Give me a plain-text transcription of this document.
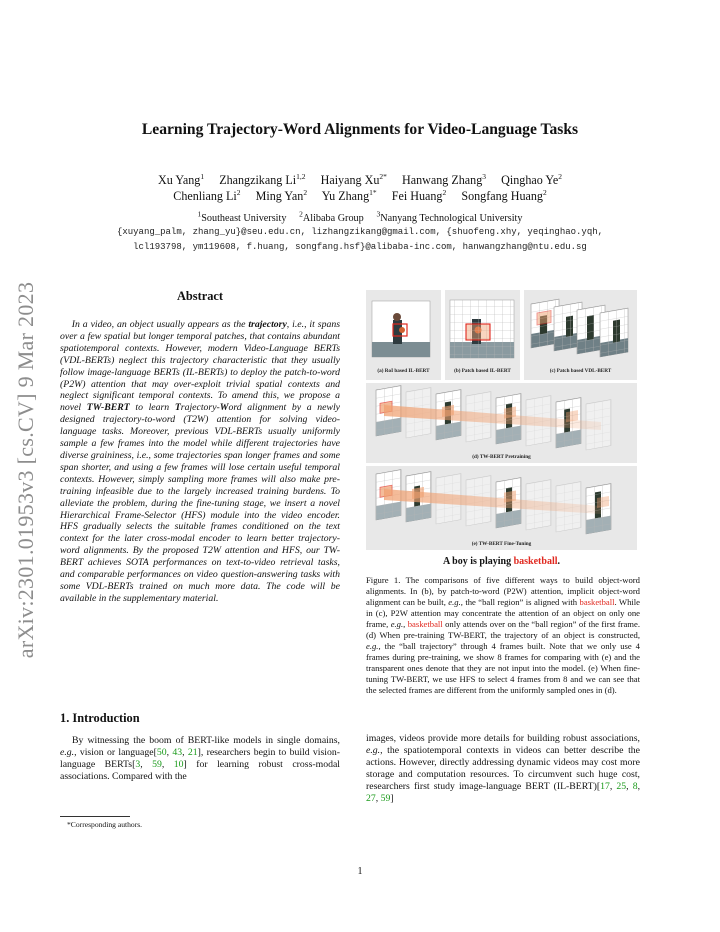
arXiv:2301.01953v3 [cs.CV] 9 Mar 2023
Learning Trajectory-Word Alignments for Video-Language Tasks
Xu Yang$^1$ Zhangzikang Li$^{1,2}$ Haiyang $Xu^{2*}$ Hanwang Zhang$^3$ Qinghao Ye$^2$
Chenliang Li$^2$ Ming Yan$^2$ Yu Zhang$^{1*}$ Fei Huang$^2$ Songfang Huang$^2$
$^1$Southeast University $^2$Alibaba Group $^3$Nanyang Technological University
{xuyang_palm, zhang_yu}@seu.edu.cn, lizhangzikang@gmail.com, {shuofeng.xhy, yeqinghao.yqh,
lcl193798, ym119608, f.huang, songfang.hsf}@alibaba-inc.com, hanwangzhang@ntu.edu.sg
Abstract

In a video, an object usually appears as the trajectory, i.e., it spans over a few spatial but longer temporal patches, that contains abundant spatiotemporal contexts. However, modern Video-Language BERTs (VDL-BERTs) neglect this trajectory characteristic that they usually follow image-language BERTs (IL-BERTs) to deploy the patch-to-word (P2W) attention that may over-exploit trivial spatial contexts and neglect significant temporal contexts. To amend this, we propose a novel TW-BERT to learn Trajectory-Word alignment by a newly designed trajectory-to-word (T2W) attention for solving video-language tasks. Moreover, previous VDL-BERTs usually uniformly sample a few frames into the model while different trajectories have diverse graininess, i.e., some trajectories span longer frames and some span shorter, and using a few frames will lose certain useful temporal contexts. However, simply sampling more frames will also make pre-training infeasible due to the largely increased training burdens. To alleviate the problem, during the fine-tuning stage, we insert a novel Hierarchical Frame-Selector (HFS) module into the video encoder. HFS gradually selects the suitable frames conditioned on the text context for the later cross-modal encoder to learn better trajectory-word alignments. By the proposed T2W attention and HFS, our TW-BERT achieves SOTA performances on text-to-video retrieval tasks, and comparable performances on video question-answering tasks with some VDL-BERTs trained on much more data. The code will be available in the supplementary material.

1. Introduction

By witnessing the boom of BERT-like models in single domains, e.g., vision or language[50, 43, 21], researchers begin to build vision-language BERTs[3, 59, 10] for learning robust cross-modal associations. Compared with the

*Corresponding authors.
1
(a) RoI based IL-BERT	(b) Patch based IL-BERT	(c) Patch based VDL-BERT
(d) TW-BERT Pretraining
(e) TW-BERT Fine-Tuning
A boy is playing basketball.

Figure 1. The comparisons of five different ways to build object-word alignments. In (b), by patch-to-word (P2W) attention, implicit object-word alignment can be built, e.g., the “ball region” is aligned with basketball. While in (c), P2W attention may concentrate the attention of an object on only one frame, e.g., basketball only attends over on the “ball region” of the first frame. (d) When pre-training TW-BERT, the trajectory of an object is constructed, e.g., the “ball trajectory” through 4 frames built. Note that we only use 4 frames during pre-training, we show 8 frames for comparing with (e) and the transparent ones denote that they are not input into the model. (e) When fine-tuning TW-BERT, we use HFS to select 4 frames from 8 and we can see that the selected frames are different from the uniformly sampled ones in (d).

images, videos provide more details for building robust associations, e.g., the spatiotemporal contexts in videos can better describe the actions. However, directly addressing dynamic videos may cost more storage and computation resources. To circumvent such huge cost, researchers first study image-language BERT (IL-BERT)[17, 25, 8, 27, 59]
